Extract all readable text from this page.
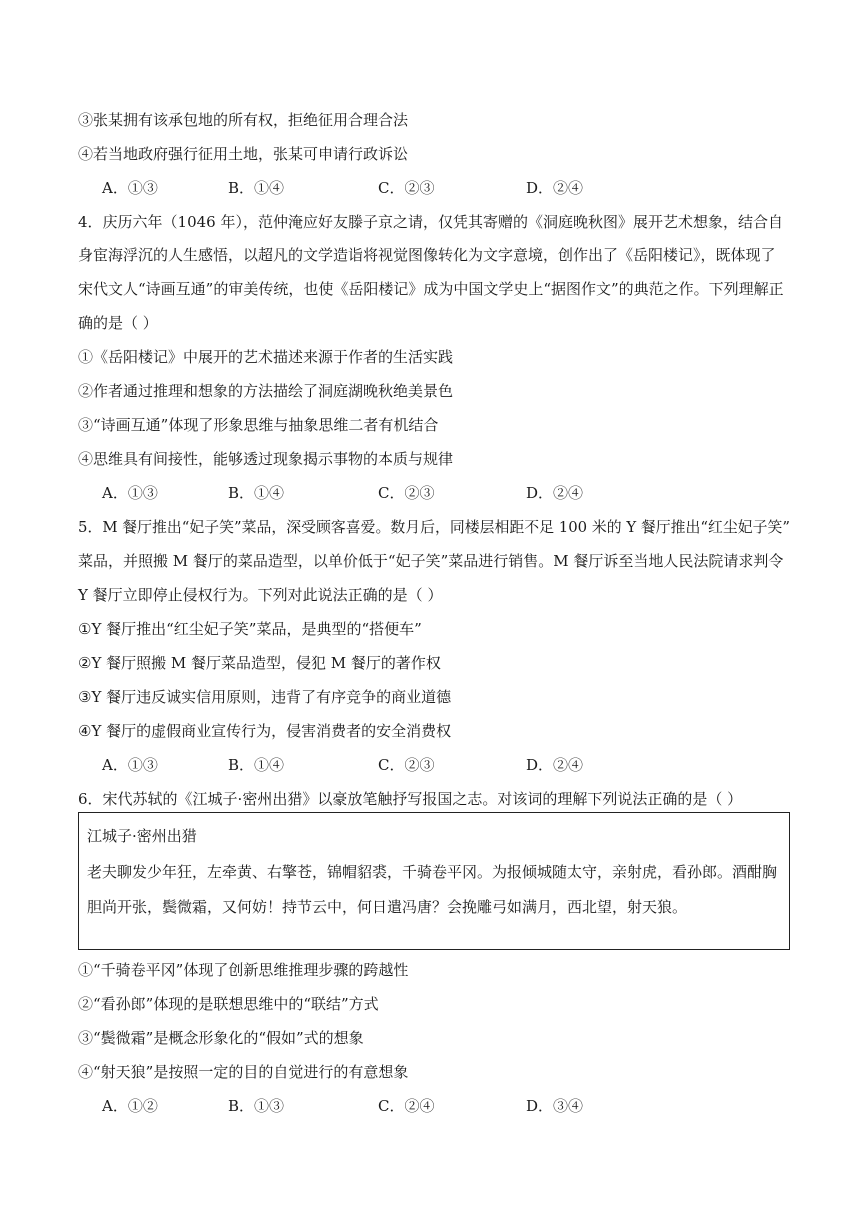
③张某拥有该承包地的所有权，拒绝征用合理合法
④若当地政府强行征用土地，张某可申请行政诉讼
A．①③	B．①④	C．②③	D．②④
4．庆历六年（1046 年），范仲淹应好友滕子京之请，仅凭其寄赠的《洞庭晚秋图》展开艺术想象，结合自
身宦海浮沉的人生感悟，以超凡的文学造诣将视觉图像转化为文字意境，创作出了《岳阳楼记》，既体现了
宋代文人“诗画互通”的审美传统，也使《岳阳楼记》成为中国文学史上“据图作文”的典范之作。下列理解正
确的是（ ）
①《岳阳楼记》中展开的艺术描述来源于作者的生活实践
②作者通过推理和想象的方法描绘了洞庭湖晚秋绝美景色
③“诗画互通”体现了形象思维与抽象思维二者有机结合
④思维具有间接性，能够透过现象揭示事物的本质与规律
A．①③	B．①④	C．②③	D．②④
5．M 餐厅推出“妃子笑”菜品，深受顾客喜爱。数月后，同楼层相距不足 100 米的 Y 餐厅推出“红尘妃子笑”
菜品，并照搬 M 餐厅的菜品造型，以单价低于“妃子笑”菜品进行销售。M 餐厅诉至当地人民法院请求判令
Y 餐厅立即停止侵权行为。下列对此说法正确的是（ ）
①Y 餐厅推出“红尘妃子笑”菜品，是典型的“搭便车”
②Y 餐厅照搬 M 餐厅菜品造型，侵犯 M 餐厅的著作权
③Y 餐厅违反诚实信用原则，违背了有序竞争的商业道德
④Y 餐厅的虚假商业宣传行为，侵害消费者的安全消费权
A．①③	B．①④	C．②③	D．②④
6．宋代苏轼的《江城子·密州出猎》以豪放笔触抒写报国之志。对该词的理解下列说法正确的是（ ）
江城子·密州出猎
老夫聊发少年狂，左牵黄、右擎苍，锦帽貂裘，千骑卷平冈。为报倾城随太守，亲射虎，看孙郎。酒酣胸
胆尚开张，鬓微霜，又何妨！持节云中，何日遣冯唐？会挽雕弓如满月，西北望，射天狼。
①“千骑卷平冈”体现了创新思维推理步骤的跨越性
②“看孙郎”体现的是联想思维中的“联结”方式
③“鬓微霜”是概念形象化的“假如”式的想象
④“射天狼”是按照一定的目的自觉进行的有意想象
A．①②	B．①③	C．②④	D．③④
